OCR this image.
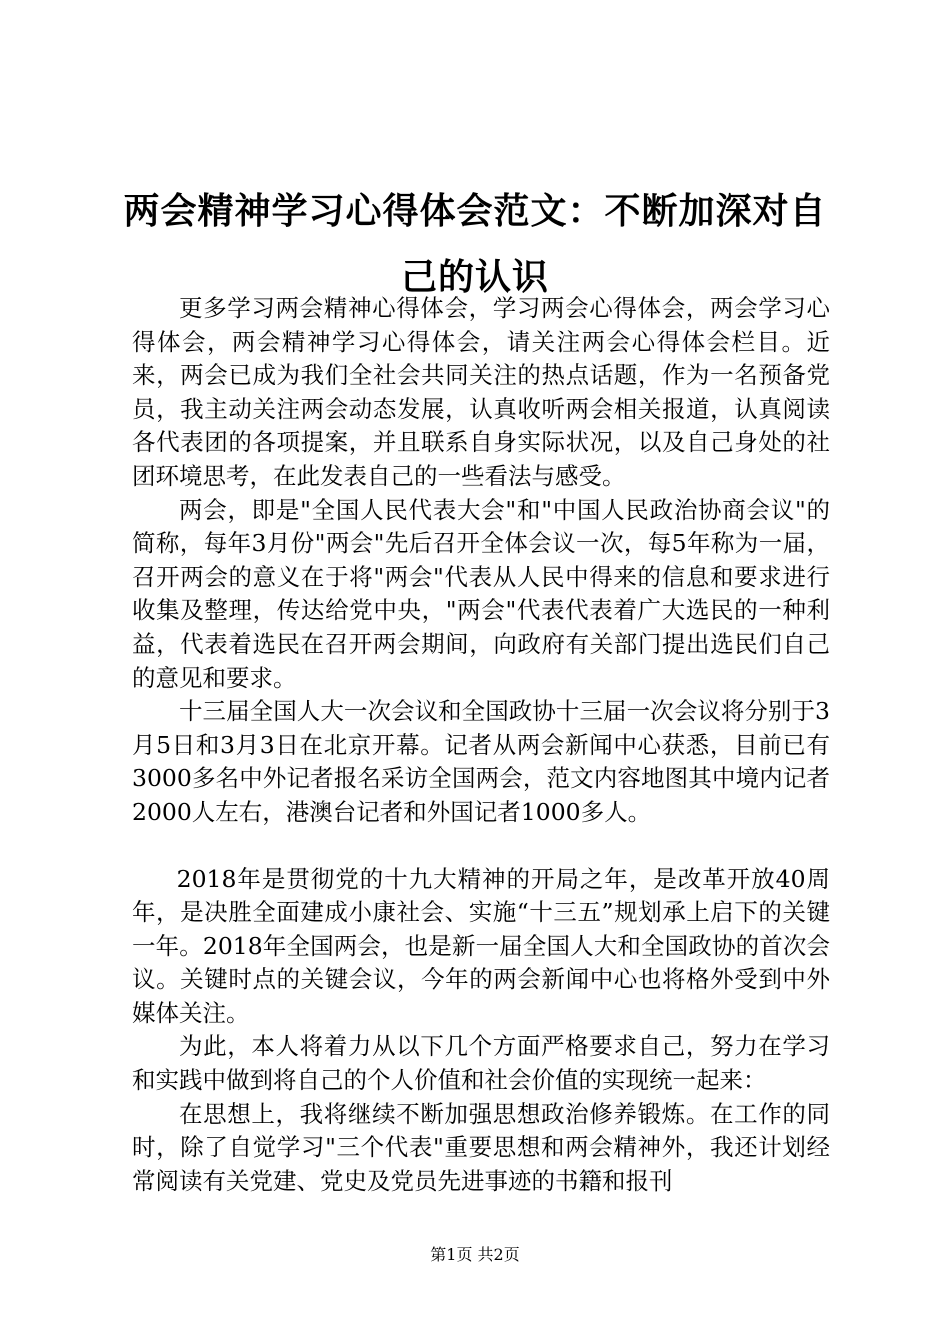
两会精神学习心得体会范文：不断加深对自己的认识

更多学习两会精神心得体会，学习两会心得体会，两会学习心得体会，两会精神学习心得体会，请关注两会心得体会栏目。近来，两会已成为我们全社会共同关注的热点话题，作为一名预备党员，我主动关注两会动态发展，认真收听两会相关报道，认真阅读各代表团的各项提案，并且联系自身实际状况，以及自己身处的社团环境思考，在此发表自己的一些看法与感受。

两会，即是"全国人民代表大会"和"中国人民政治协商会议"的简称，每年3月份"两会"先后召开全体会议一次，每5年称为一届，召开两会的意义在于将"两会"代表从人民中得来的信息和要求进行收集及整理，传达给党中央，"两会"代表代表着广大选民的一种利益，代表着选民在召开两会期间，向政府有关部门提出选民们自己的意见和要求。

十三届全国人大一次会议和全国政协十三届一次会议将分别于3月5日和3月3日在北京开幕。记者从两会新闻中心获悉，目前已有3000多名中外记者报名采访全国两会，范文内容地图其中境内记者2000人左右，港澳台记者和外国记者1000多人。

2018年是贯彻党的十九大精神的开局之年，是改革开放40周年，是决胜全面建成小康社会、实施“十三五”规划承上启下的关键一年。2018年全国两会，也是新一届全国人大和全国政协的首次会议。关键时点的关键会议，今年的两会新闻中心也将格外受到中外媒体关注。

为此，本人将着力从以下几个方面严格要求自己，努力在学习和实践中做到将自己的个人价值和社会价值的实现统一起来：

在思想上，我将继续不断加强思想政治修养锻炼。在工作的同时，除了自觉学习"三个代表"重要思想和两会精神外，我还计划经常阅读有关党建、党史及党员先进事迹的书籍和报刊

第1页 共2页
